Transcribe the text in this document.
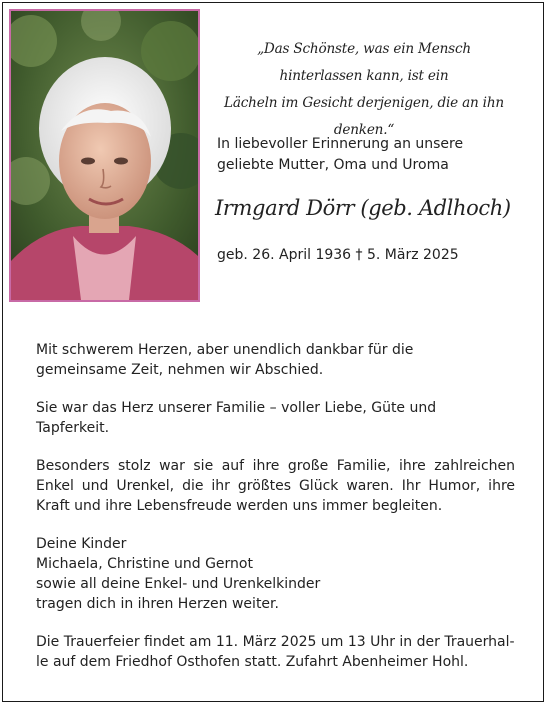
„Das Schönste, was ein Mensch hinterlassen kann, ist ein
Lächeln im Gesicht derjenigen, die an ihn denken.“
In liebevoller Erinnerung an unsere
geliebte Mutter, Oma und Uroma
Irmgard Dörr (geb. Adlhoch)
geb. 26. April 1936 † 5. März 2025

Mit schwerem Herzen, aber unendlich dankbar für die
gemeinsame Zeit, nehmen wir Abschied.

Sie war das Herz unserer Familie – voller Liebe, Güte und
Tapferkeit.

Besonders stolz war sie auf ihre große Familie, ihre zahlreichen Enkel und Urenkel, die ihr größtes Glück waren. Ihr Humor, ihre Kraft und ihre Lebensfreude werden uns immer begleiten.

Deine Kinder
Michaela, Christine und Gernot
sowie all deine Enkel- und Urenkelkinder
tragen dich in ihren Herzen weiter.

Die Trauerfeier findet am 11. März 2025 um 13 Uhr in der Trauerhal-
le auf dem Friedhof Osthofen statt. Zufahrt Abenheimer Hohl.
